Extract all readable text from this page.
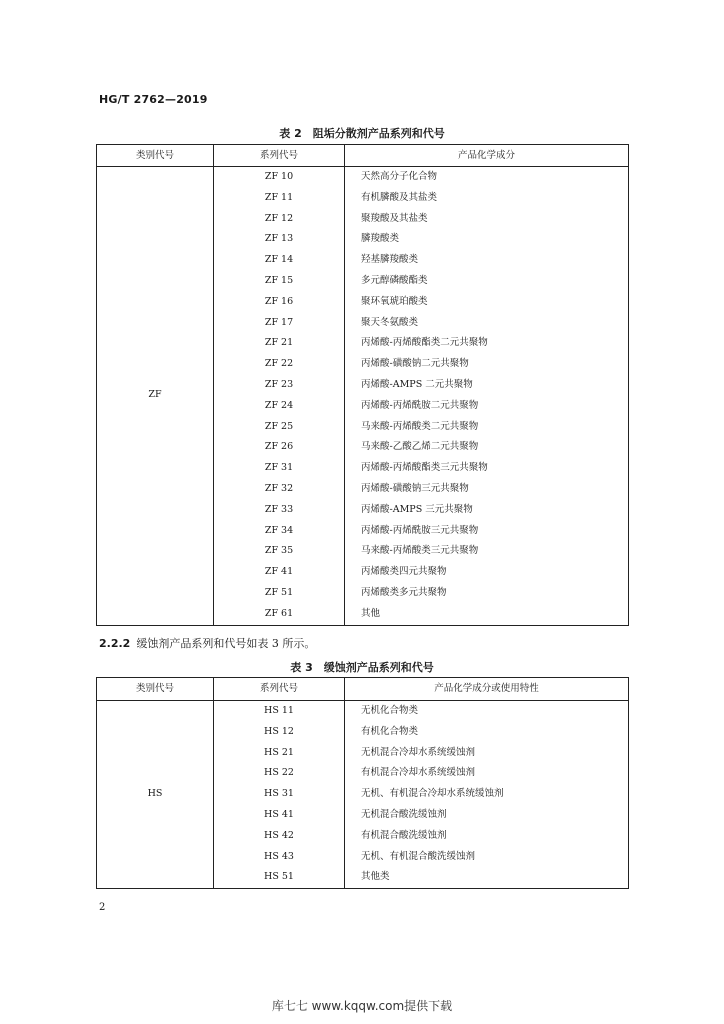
HG/T 2762—2019
表 2　阻垢分散剂产品系列和代号
类别代号	系列代号	产品化学成分
ZF	ZF 10	天然高分子化合物
	ZF 11	有机膦酸及其盐类
	ZF 12	聚羧酸及其盐类
	ZF 13	膦羧酸类
	ZF 14	羟基膦羧酸类
	ZF 15	多元醇磷酸酯类
	ZF 16	聚环氧琥珀酸类
	ZF 17	聚天冬氨酸类
	ZF 21	丙烯酸-丙烯酸酯类二元共聚物
	ZF 22	丙烯酸-磺酸钠二元共聚物
	ZF 23	丙烯酸-AMPS 二元共聚物
	ZF 24	丙烯酸-丙烯酰胺二元共聚物
	ZF 25	马来酸-丙烯酸类二元共聚物
	ZF 26	马来酸-乙酸乙烯二元共聚物
	ZF 31	丙烯酸-丙烯酸酯类三元共聚物
	ZF 32	丙烯酸-磺酸钠三元共聚物
	ZF 33	丙烯酸-AMPS 三元共聚物
	ZF 34	丙烯酸-丙烯酰胺三元共聚物
	ZF 35	马来酸-丙烯酸类三元共聚物
	ZF 41	丙烯酸类四元共聚物
	ZF 51	丙烯酸类多元共聚物
	ZF 61	其他
2.2.2 缓蚀剂产品系列和代号如表 3 所示。
表 3　缓蚀剂产品系列和代号
类别代号	系列代号	产品化学成分或使用特性
HS	HS 11	无机化合物类
	HS 12	有机化合物类
	HS 21	无机混合冷却水系统缓蚀剂
	HS 22	有机混合冷却水系统缓蚀剂
	HS 31	无机、有机混合冷却水系统缓蚀剂
	HS 41	无机混合酸洗缓蚀剂
	HS 42	有机混合酸洗缓蚀剂
	HS 43	无机、有机混合酸洗缓蚀剂
	HS 51	其他类
2
库七七 www.kqqw.com提供下载
